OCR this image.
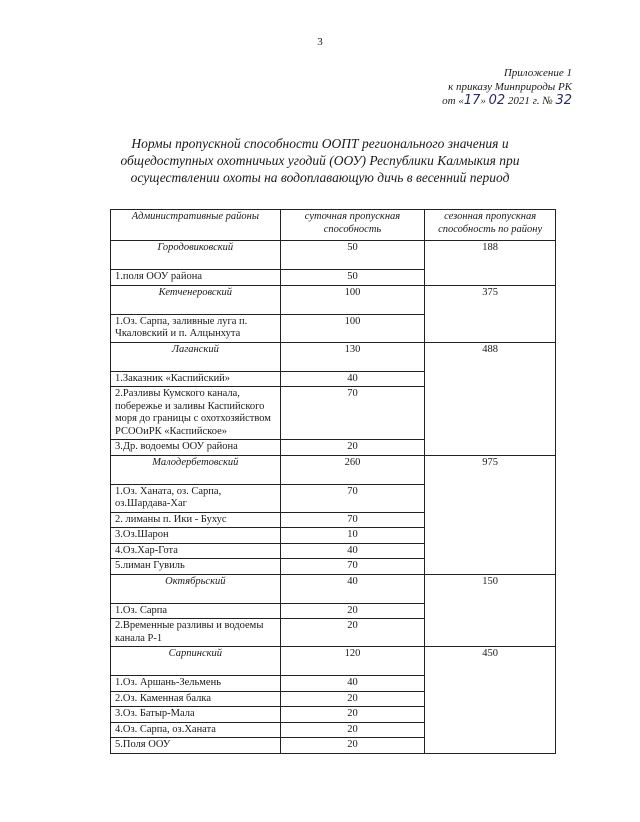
3
Приложение 1
к приказу Минприроды РК
от «17» 02 2021 г. № 32
Нормы пропускной способности ООПТ регионального значения и общедоступных охотничьих угодий (ООУ) Республики Калмыкия при осуществлении охоты на водоплавающую дичь в весенний период
Административные районы	суточная пропускная способность	сезонная пропускная способность по району
Городовиковский	50	188
1.поля ООУ района	50	
Кетченеровский	100	375
1.Оз. Сарпа, заливные луга п. Чкаловский и п. Алцынхута	100	
Лаганский	130	488
1.Заказник «Каспийский»	40	
2.Разливы Кумского канала, побережье и заливы Каспийского моря до границы с охотхозяйством РСООиРК «Каспийское»	70	
3.Др. водоемы ООУ района	20	
Малодербетовский	260	975
1.Оз. Ханата, оз. Сарпа, оз.Шардава-Хаг	70	
2. лиманы п. Ики - Бухус	70	
3.Оз.Шарон	10	
4.Оз.Хар-Гота	40	
5.лиман Гувиль	70	
Октябрьский	40	150
1.Оз. Сарпа	20	
2.Временные разливы и водоемы канала Р-1	20	
Сарпинский	120	450
1.Оз. Аршань-Зельмень	40	
2.Оз. Каменная балка	20	
3.Оз. Батыр-Мала	20	
4.Оз. Сарпа, оз.Ханата	20	
5.Поля ООУ	20	
